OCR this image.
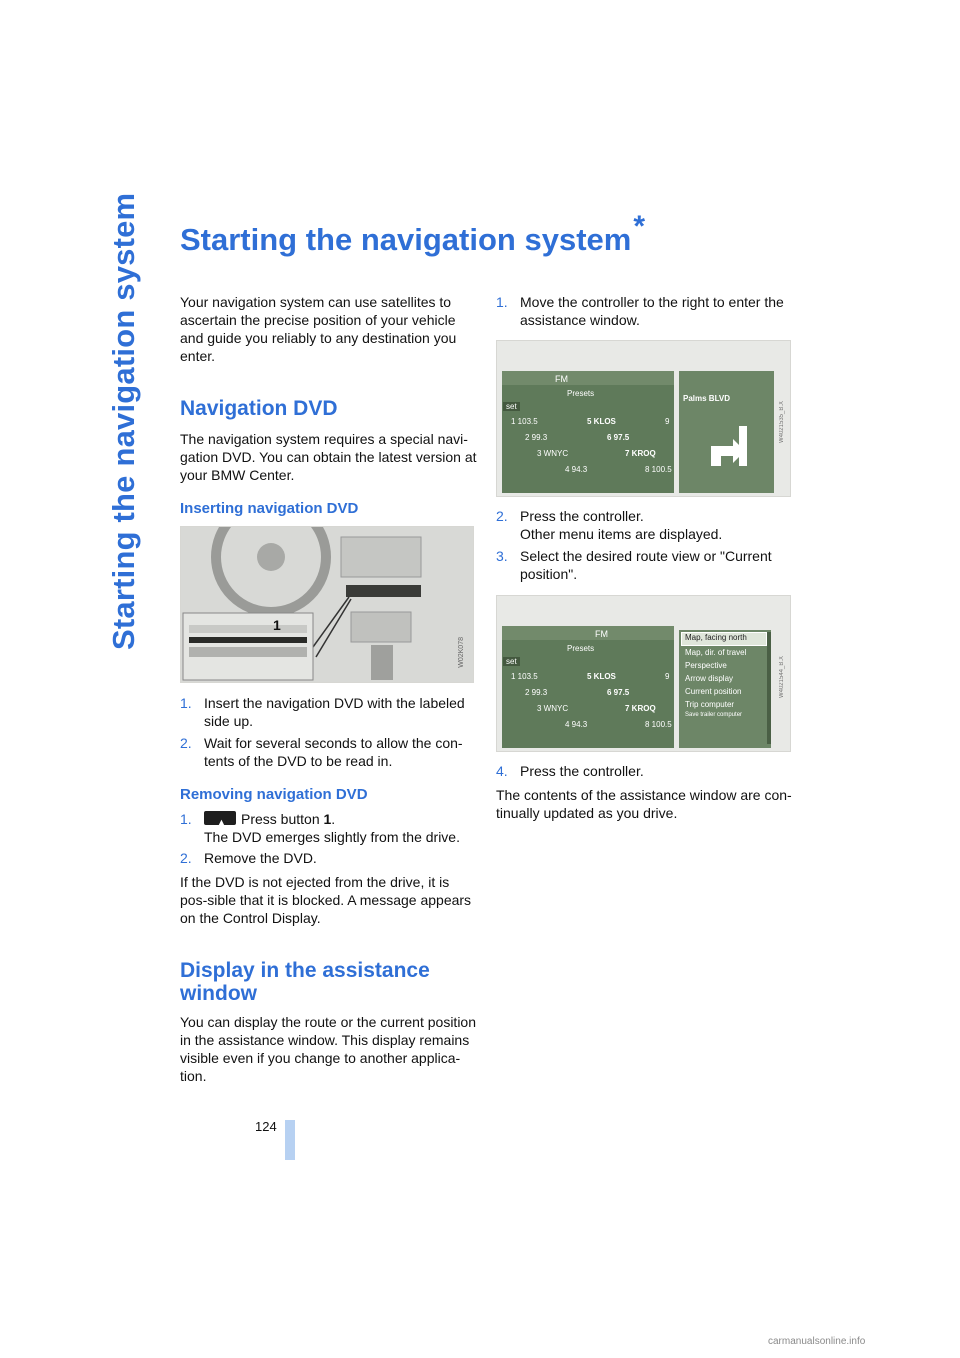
Starting the navigation system	Starting the navigation system*

Your navigation system can use satellites to ascertain the precise position of your vehicle and guide you reliably to any destination you enter.

Navigation DVD

The navigation system requires a special navi-gation DVD. You can obtain the latest version at your BMW Center.

Inserting navigation DVD
1
W02K078
1. Insert the navigation DVD with the labeled side up.
2. Wait for several seconds to allow the con-tents of the DVD to be read in.
Removing navigation DVD
1.	▲ Press button 1.
The DVD emerges slightly from the drive.
2. Remove the DVD.

If the DVD is not ejected from the drive, it is pos-sible that it is blocked. A message appears on the Control Display.

Display in the assistance window

You can display the route or the current position in the assistance window. This display remains visible even if you change to another applica-tion.

1. Move the controller to the right to enter the assistance window.
FM
Presets
set
1 103.5	5 KLOS	9
2 99.3	6 97.5
3 WNYC	7 KROQ
4 94.3	8 100.5
Palms BLVD
W4021535_B.X
2. Press the controller.
Other menu items are displayed.
3. Select the desired route view or "Current position".
FM
Presets
set
1 103.5	5 KLOS	9
2 99.3	6 97.5
3 WNYC	7 KROQ
4 94.3	8 100.5
Map, facing north
Map, dir. of travel
Perspective
Arrow display
Current position
Trip computer
Save trailer computer
W4021544_B.X
4. Press the controller.

The contents of the assistance window are con-tinually updated as you drive.

124
carmanualsonline.info
